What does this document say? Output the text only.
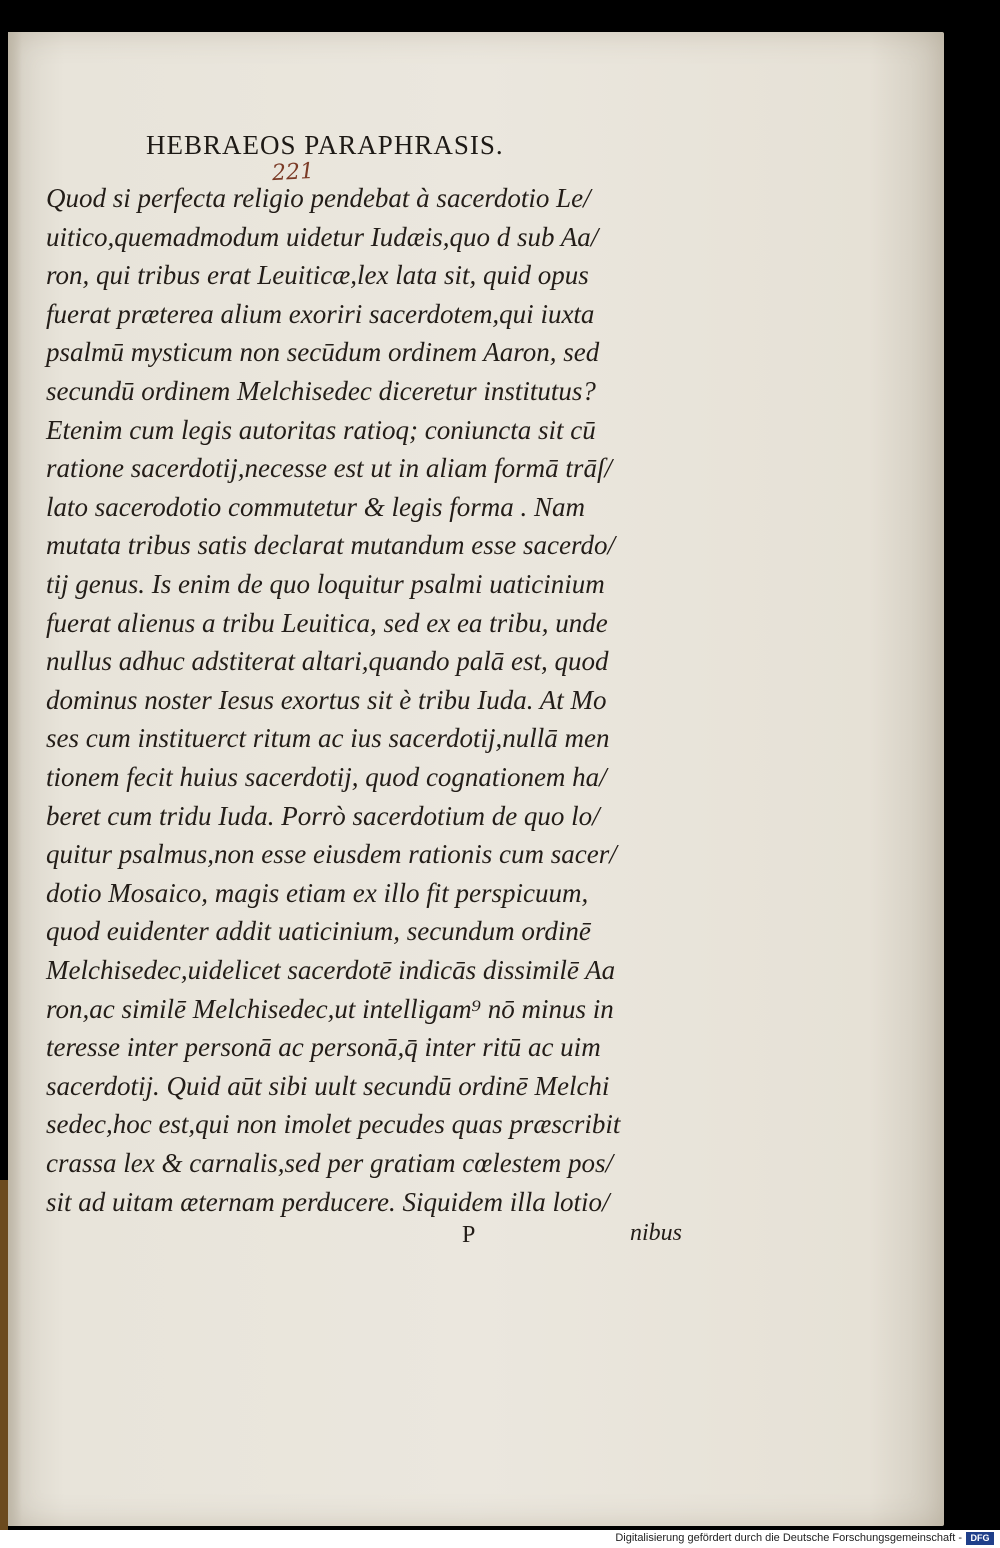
HEBRAEOS PARAPHRASIS.
221
Quod si perfecta religio pendebat à sacerdotio Le/
uitico,quemadmodum uidetur Iudæis,quo d sub Aa/
ron, qui tribus erat Leuiticæ,lex lata sit, quid opus
fuerat præterea alium exoriri sacerdotem,qui iuxta
psalmū mysticum non secūdum ordinem Aaron, sed
secundū ordinem Melchisedec diceretur institutus?
Etenim cum legis autoritas ratioq; coniuncta sit cū
ratione sacerdotij,necesse est ut in aliam formā trāſ/
lato sacerodotio commutetur & legis forma . Nam
mutata tribus satis declarat mutandum esse sacerdo/
tij genus. Is enim de quo loquitur psalmi uaticinium
fuerat alienus a tribu Leuitica, sed ex ea tribu, unde
nullus adhuc adstiterat altari,quando palā est, quod
dominus noster Iesus exortus sit è tribu Iuda. At Mo
ses cum instituerct ritum ac ius sacerdotij,nullā men
tionem fecit huius sacerdotij, quod cognationem ha/
beret cum tridu Iuda. Porrò sacerdotium de quo lo/
quitur psalmus,non esse eiusdem rationis cum sacer/
dotio Mosaico, magis etiam ex illo fit perspicuum,
quod euidenter addit uaticinium, secundum ordinē
Melchisedec,uidelicet sacerdotē indicās dissimilē Aa
ron,ac similē Melchisedec,ut intelligam⁹ nō minus in
teresse inter personā ac personā,q̄ inter ritū ac uim
sacerdotij. Quid aūt sibi uult secundū ordinē Melchi
sedec,hoc est,qui non imolet pecudes quas præscribit
crassa lex & carnalis,sed per gratiam cœlestem pos/
sit ad uitam æternam perducere. Siquidem illa lotio/
P	nibus
Digitalisierung gefördert durch die Deutsche Forschungsgemeinschaft - DFG
